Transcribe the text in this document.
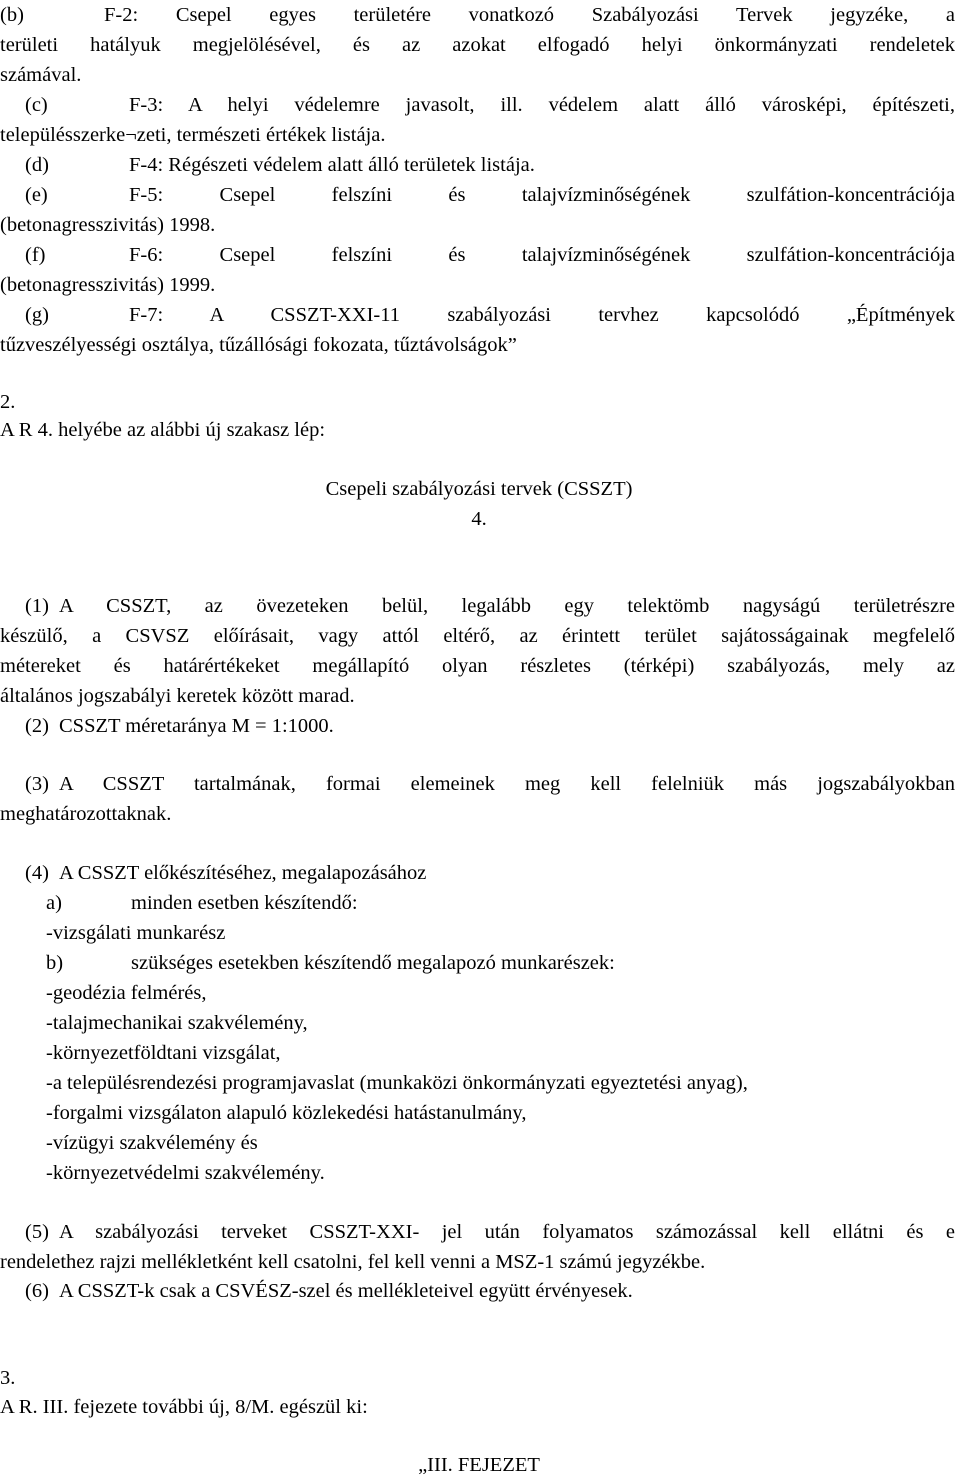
(b)	F-2: Csepel egyes területére vonatkozó Szabályozási Tervek jegyzéke, a
területi hatályuk megjelölésével, és az azokat elfogadó helyi önkormányzati rendeletek
számával.
(c)	F-3: A helyi védelemre javasolt, ill. védelem alatt álló városképi, építészeti,
településszerke¬zeti, természeti értékek listája.
(d)	F-4: Régészeti védelem alatt álló területek listája.
(e)	F-5: Csepel felszíni és talajvízminőségének szulfátion-koncentrációja
(betonagresszivitás) 1998.
(f)	F-6: Csepel felszíni és talajvízminőségének szulfátion-koncentrációja
(betonagresszivitás) 1999.
(g)	F-7: A CSSZT-XXI-11 szabályozási tervhez kapcsolódó „Építmények
tűzveszélyességi osztálya, tűzállósági fokozata, tűztávolságok”
2.
A R 4. helyébe az alábbi új szakasz lép:
Csepeli szabályozási tervek (CSSZT)
4.
(1) A CSSZT, az övezeteken belül, legalább egy telektömb nagyságú területrészre
készülő, a CSVSZ előírásait, vagy attól eltérő, az érintett terület sajátosságainak megfelelő
métereket és határértékeket megállapító olyan részletes (térképi) szabályozás, mely az
általános jogszabályi keretek között marad.
(2) CSSZT méretaránya M = 1:1000.
(3) A CSSZT tartalmának, formai elemeinek meg kell felelniük más jogszabályokban
meghatározottaknak.
(4) A CSSZT előkészítéséhez, megalapozásához
a)	minden esetben készítendő:
-vizsgálati munkarész
b)	szükséges esetekben készítendő megalapozó munkarészek:
-geodézia felmérés,
-talajmechanikai szakvélemény,
-környezetföldtani vizsgálat,
-a településrendezési programjavaslat (munkaközi önkormányzati egyeztetési anyag),
-forgalmi vizsgálaton alapuló közlekedési hatástanulmány,
-vízügyi szakvélemény és
-környezetvédelmi szakvélemény.
(5) A szabályozási terveket CSSZT-XXI- jel után folyamatos számozással kell ellátni és e
rendelethez rajzi mellékletként kell csatolni, fel kell venni a MSZ-1 számú jegyzékbe.
(6) A CSSZT-k csak a CSVÉSZ-szel és mellékleteivel együtt érvényesek.
3.
A R. III. fejezete további új, 8/M. egészül ki:
„III. FEJEZET
